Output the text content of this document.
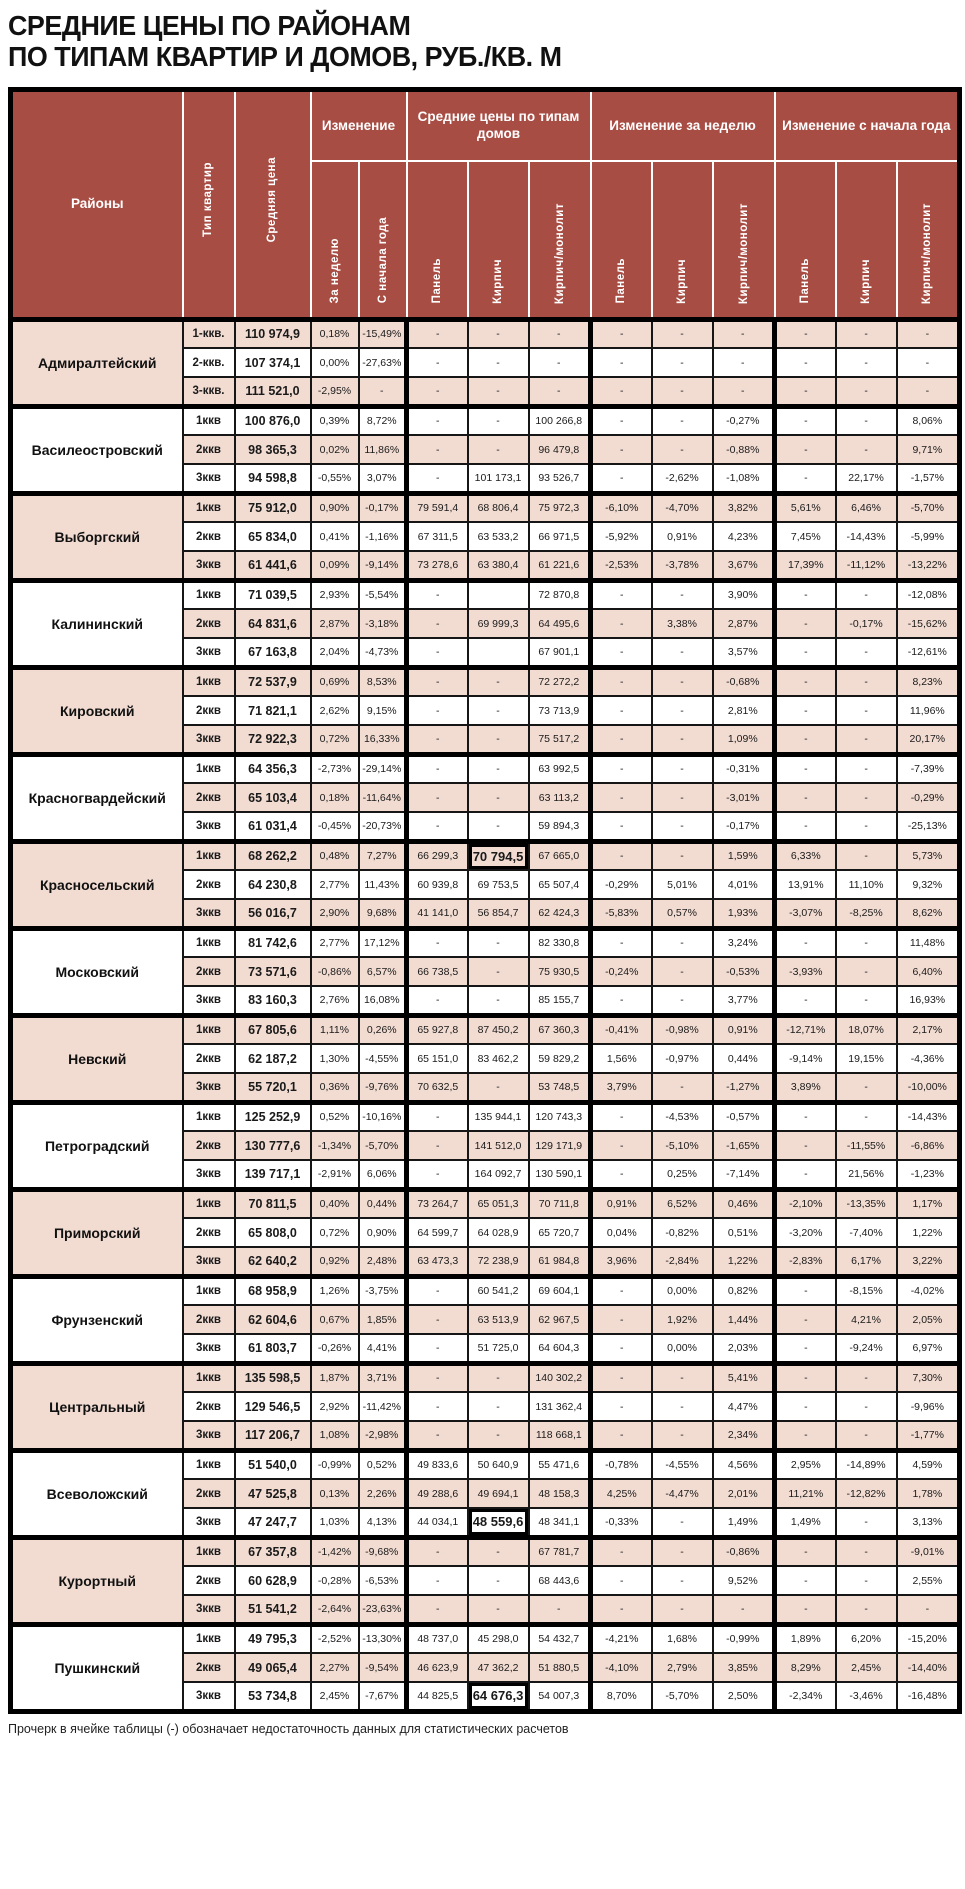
СРЕДНИЕ ЦЕНЫ ПО РАЙОНАМ
ПО ТИПАМ КВАРТИР И ДОМОВ, РУБ./КВ. М
Районы	Тип квартир	Средняя цена	Изменение		Средние цены по типам домов			Изменение за неделю			Изменение с начала года		
			За неделю	С начала года	Панель	Кирпич	Кирпич/монолит	Панель	Кирпич	Кирпич/монолит	Панель	Кирпич	Кирпич/монолит
Адмиралтейский	1-ккв.	110 974,9	0,18%	-15,49%	-	-	-	-	-	-	-	-	-
	2-ккв.	107 374,1	0,00%	-27,63%	-	-	-	-	-	-	-	-	-
	3-ккв.	111 521,0	-2,95%	-	-	-	-	-	-	-	-	-	-
Василеостровский	1ккв	100 876,0	0,39%	8,72%	-	-	100 266,8	-	-	-0,27%	-	-	8,06%
	2ккв	98 365,3	0,02%	11,86%	-	-	96 479,8	-	-	-0,88%	-	-	9,71%
	3ккв	94 598,8	-0,55%	3,07%	-	101 173,1	93 526,7	-	-2,62%	-1,08%	-	22,17%	-1,57%
Выборгский	1ккв	75 912,0	0,90%	-0,17%	79 591,4	68 806,4	75 972,3	-6,10%	-4,70%	3,82%	5,61%	6,46%	-5,70%
	2ккв	65 834,0	0,41%	-1,16%	67 311,5	63 533,2	66 971,5	-5,92%	0,91%	4,23%	7,45%	-14,43%	-5,99%
	3ккв	61 441,6	0,09%	-9,14%	73 278,6	63 380,4	61 221,6	-2,53%	-3,78%	3,67%	17,39%	-11,12%	-13,22%
Калининский	1ккв	71 039,5	2,93%	-5,54%	-		72 870,8	-	-	3,90%	-	-	-12,08%
	2ккв	64 831,6	2,87%	-3,18%	-	69 999,3	64 495,6	-	3,38%	2,87%	-	-0,17%	-15,62%
	3ккв	67 163,8	2,04%	-4,73%	-		67 901,1	-	-	3,57%	-	-	-12,61%
Кировский	1ккв	72 537,9	0,69%	8,53%	-	-	72 272,2	-	-	-0,68%	-	-	8,23%
	2ккв	71 821,1	2,62%	9,15%	-	-	73 713,9	-	-	2,81%	-	-	11,96%
	3ккв	72 922,3	0,72%	16,33%	-	-	75 517,2	-	-	1,09%	-	-	20,17%
Красногвардейский	1ккв	64 356,3	-2,73%	-29,14%	-	-	63 992,5	-	-	-0,31%	-	-	-7,39%
	2ккв	65 103,4	0,18%	-11,64%	-	-	63 113,2	-	-	-3,01%	-	-	-0,29%
	3ккв	61 031,4	-0,45%	-20,73%	-	-	59 894,3	-	-	-0,17%	-	-	-25,13%
Красносельский	1ккв	68 262,2	0,48%	7,27%	66 299,3	70 794,5	67 665,0	-	-	1,59%	6,33%	-	5,73%
	2ккв	64 230,8	2,77%	11,43%	60 939,8	69 753,5	65 507,4	-0,29%	5,01%	4,01%	13,91%	11,10%	9,32%
	3ккв	56 016,7	2,90%	9,68%	41 141,0	56 854,7	62 424,3	-5,83%	0,57%	1,93%	-3,07%	-8,25%	8,62%
Московский	1ккв	81 742,6	2,77%	17,12%	-	-	82 330,8	-	-	3,24%	-	-	11,48%
	2ккв	73 571,6	-0,86%	6,57%	66 738,5	-	75 930,5	-0,24%	-	-0,53%	-3,93%	-	6,40%
	3ккв	83 160,3	2,76%	16,08%	-	-	85 155,7	-	-	3,77%	-	-	16,93%
Невский	1ккв	67 805,6	1,11%	0,26%	65 927,8	87 450,2	67 360,3	-0,41%	-0,98%	0,91%	-12,71%	18,07%	2,17%
	2ккв	62 187,2	1,30%	-4,55%	65 151,0	83 462,2	59 829,2	1,56%	-0,97%	0,44%	-9,14%	19,15%	-4,36%
	3ккв	55 720,1	0,36%	-9,76%	70 632,5	-	53 748,5	3,79%	-	-1,27%	3,89%	-	-10,00%
Петроградский	1ккв	125 252,9	0,52%	-10,16%	-	135 944,1	120 743,3	-	-4,53%	-0,57%	-	-	-14,43%
	2ккв	130 777,6	-1,34%	-5,70%	-	141 512,0	129 171,9	-	-5,10%	-1,65%	-	-11,55%	-6,86%
	3ккв	139 717,1	-2,91%	6,06%	-	164 092,7	130 590,1	-	0,25%	-7,14%	-	21,56%	-1,23%
Приморский	1ккв	70 811,5	0,40%	0,44%	73 264,7	65 051,3	70 711,8	0,91%	6,52%	0,46%	-2,10%	-13,35%	1,17%
	2ккв	65 808,0	0,72%	0,90%	64 599,7	64 028,9	65 720,7	0,04%	-0,82%	0,51%	-3,20%	-7,40%	1,22%
	3ккв	62 640,2	0,92%	2,48%	63 473,3	72 238,9	61 984,8	3,96%	-2,84%	1,22%	-2,83%	6,17%	3,22%
Фрунзенский	1ккв	68 958,9	1,26%	-3,75%	-	60 541,2	69 604,1	-	0,00%	0,82%	-	-8,15%	-4,02%
	2ккв	62 604,6	0,67%	1,85%	-	63 513,9	62 967,5	-	1,92%	1,44%	-	4,21%	2,05%
	3ккв	61 803,7	-0,26%	4,41%	-	51 725,0	64 604,3	-	0,00%	2,03%	-	-9,24%	6,97%
Центральный	1ккв	135 598,5	1,87%	3,71%	-	-	140 302,2	-	-	5,41%	-	-	7,30%
	2ккв	129 546,5	2,92%	-11,42%	-	-	131 362,4	-	-	4,47%	-	-	-9,96%
	3ккв	117 206,7	1,08%	-2,98%	-	-	118 668,1	-	-	2,34%	-	-	-1,77%
Всеволожский	1ккв	51 540,0	-0,99%	0,52%	49 833,6	50 640,9	55 471,6	-0,78%	-4,55%	4,56%	2,95%	-14,89%	4,59%
	2ккв	47 525,8	0,13%	2,26%	49 288,6	49 694,1	48 158,3	4,25%	-4,47%	2,01%	11,21%	-12,82%	1,78%
	3ккв	47 247,7	1,03%	4,13%	44 034,1	48 559,6	48 341,1	-0,33%	-	1,49%	1,49%	-	3,13%
Курортный	1ккв	67 357,8	-1,42%	-9,68%	-	-	67 781,7	-	-	-0,86%	-	-	-9,01%
	2ккв	60 628,9	-0,28%	-6,53%	-	-	68 443,6	-	-	9,52%	-	-	2,55%
	3ккв	51 541,2	-2,64%	-23,63%	-	-	-	-	-	-	-	-	-
Пушкинский	1ккв	49 795,3	-2,52%	-13,30%	48 737,0	45 298,0	54 432,7	-4,21%	1,68%	-0,99%	1,89%	6,20%	-15,20%
	2ккв	49 065,4	2,27%	-9,54%	46 623,9	47 362,2	51 880,5	-4,10%	2,79%	3,85%	8,29%	2,45%	-14,40%
	3ккв	53 734,8	2,45%	-7,67%	44 825,5	64 676,3	54 007,3	8,70%	-5,70%	2,50%	-2,34%	-3,46%	-16,48%

Прочерк в ячейке таблицы (-) обозначает недостаточность данных для статистических расчетов
